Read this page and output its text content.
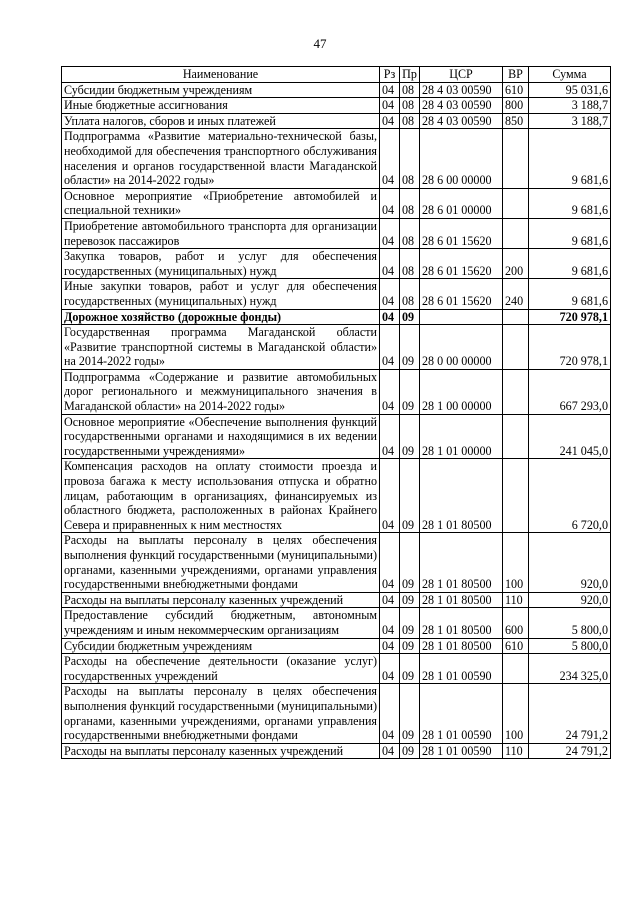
47
Наименование	Рз	Пр	ЦСР	ВР	Сумма
Субсидии бюджетным учреждениям	04	08	28 4 03 00590	610	95 031,6
Иные бюджетные ассигнования	04	08	28 4 03 00590	800	3 188,7
Уплата налогов, сборов и иных платежей	04	08	28 4 03 00590	850	3 188,7
Подпрограмма «Развитие материально-технической базы, необходимой для обеспечения транспортного обслуживания населения и органов государственной власти Магаданской области» на 2014-2022 годы»	04	08	28 6 00 00000		9 681,6
Основное мероприятие «Приобретение автомобилей и специальной техники»	04	08	28 6 01 00000		9 681,6
Приобретение автомобильного транспорта для организации перевозок пассажиров	04	08	28 6 01 15620		9 681,6
Закупка товаров, работ и услуг для обеспечения государственных (муниципальных) нужд	04	08	28 6 01 15620	200	9 681,6
Иные закупки товаров, работ и услуг для обеспечения государственных (муниципальных) нужд	04	08	28 6 01 15620	240	9 681,6
Дорожное хозяйство (дорожные фонды)	04	09			720 978,1
Государственная программа Магаданской области «Развитие транспортной системы в Магаданской области» на 2014-2022 годы»	04	09	28 0 00 00000		720 978,1
Подпрограмма «Содержание и развитие автомобильных дорог регионального и межмуниципального значения в Магаданской области» на 2014-2022 годы»	04	09	28 1 00 00000		667 293,0
Основное мероприятие «Обеспечение выполнения функций государственными органами и находящимися в их ведении государственными учреждениями»	04	09	28 1 01 00000		241 045,0
Компенсация расходов на оплату стоимости проезда и провоза багажа к месту использования отпуска и обратно лицам, работающим в организациях, финансируемых из областного бюджета, расположенных в районах Крайнего Севера и приравненных к ним местностях	04	09	28 1 01 80500		6 720,0
Расходы на выплаты персоналу в целях обеспечения выполнения функций государственными (муниципальными) органами, казенными учреждениями, органами управления государственными внебюджетными фондами	04	09	28 1 01 80500	100	920,0
Расходы на выплаты персоналу казенных учреждений	04	09	28 1 01 80500	110	920,0
Предоставление субсидий бюджетным, автономным учреждениям и иным некоммерческим организациям	04	09	28 1 01 80500	600	5 800,0
Субсидии бюджетным учреждениям	04	09	28 1 01 80500	610	5 800,0
Расходы на обеспечение деятельности (оказание услуг) государственных учреждений	04	09	28 1 01 00590		234 325,0
Расходы на выплаты персоналу в целях обеспечения выполнения функций государственными (муниципальными) органами, казенными учреждениями, органами управления государственными внебюджетными фондами	04	09	28 1 01 00590	100	24 791,2
Расходы на выплаты персоналу казенных учреждений	04	09	28 1 01 00590	110	24 791,2
